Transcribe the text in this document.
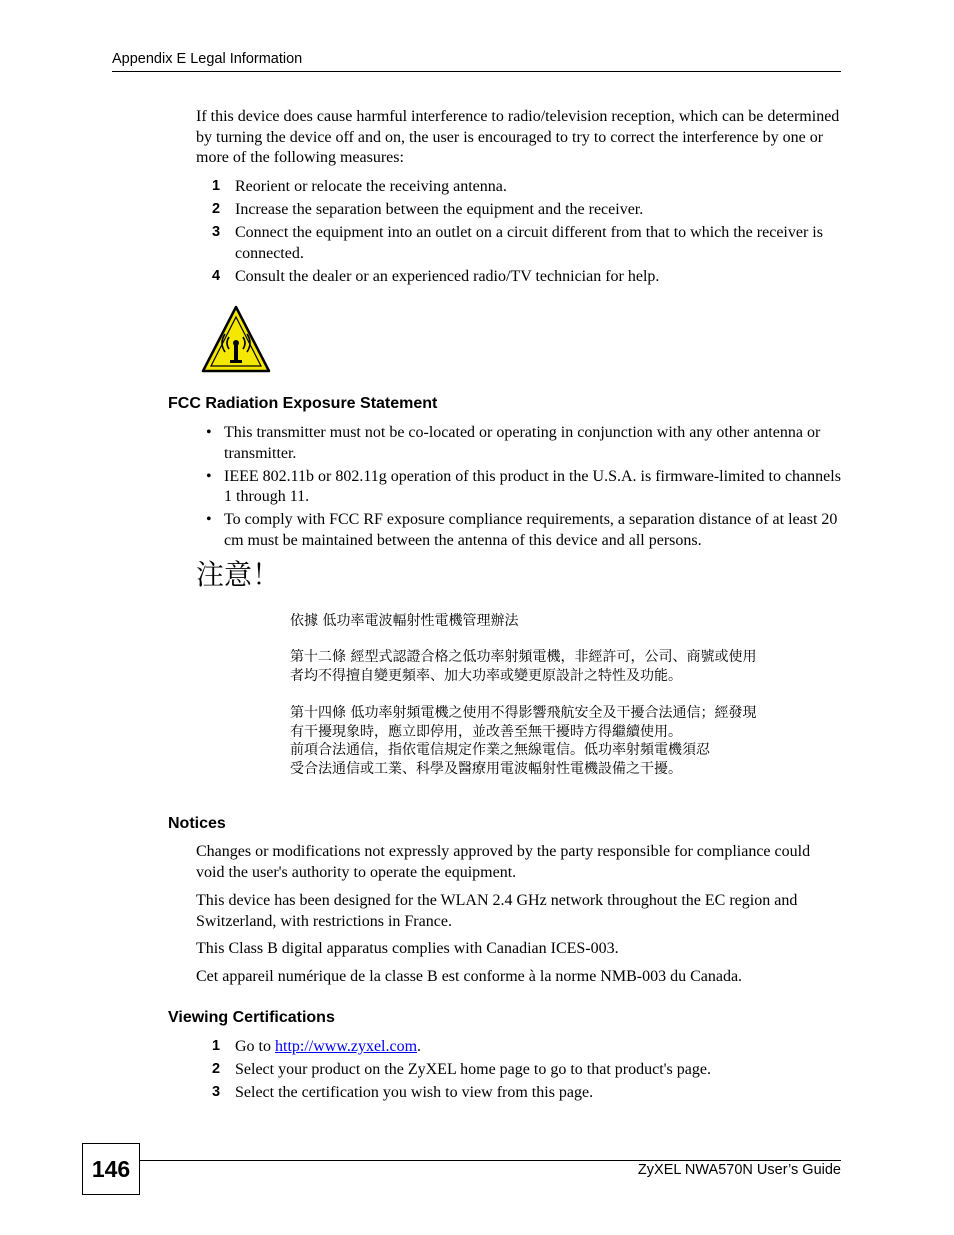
Appendix E Legal Information
If this device does cause harmful interference to radio/television reception, which can be determined by turning the device off and on, the user is encouraged to try to correct the interference by one or more of the following measures:
1 Reorient or relocate the receiving antenna.
2 Increase the separation between the equipment and the receiver.
3 Connect the equipment into an outlet on a circuit different from that to which the receiver is connected.
4 Consult the dealer or an experienced radio/TV technician for help.
FCC Radiation Exposure Statement
• This transmitter must not be co-located or operating in conjunction with any other antenna or transmitter.
• IEEE 802.11b or 802.11g operation of this product in the U.S.A. is firmware-limited to channels 1 through 11.
• To comply with FCC RF exposure compliance requirements, a separation distance of at least 20 cm must be maintained between the antenna of this device and all persons.
注意！
依據 低功率電波輻射性電機管理辦法
第十二條 經型式認證合格之低功率射頻電機，非經許可，公司、商號或使用
者均不得擅自變更頻率、加大功率或變更原設計之特性及功能。
第十四條 低功率射頻電機之使用不得影響飛航安全及干擾合法通信；經發現
有干擾現象時，應立即停用，並改善至無干擾時方得繼續使用。
前項合法通信，指依電信規定作業之無線電信。低功率射頻電機須忍
受合法通信或工業、科學及醫療用電波輻射性電機設備之干擾。
Notices
Changes or modifications not expressly approved by the party responsible for compliance could void the user's authority to operate the equipment.
This device has been designed for the WLAN 2.4 GHz network throughout the EC region and Switzerland, with restrictions in France.
This Class B digital apparatus complies with Canadian ICES-003.
Cet appareil numérique de la classe B est conforme à la norme NMB-003 du Canada.
Viewing Certifications
1 Go to http://www.zyxel.com.
2 Select your product on the ZyXEL home page to go to that product's page.
3 Select the certification you wish to view from this page.
146	ZyXEL NWA570N User’s Guide
